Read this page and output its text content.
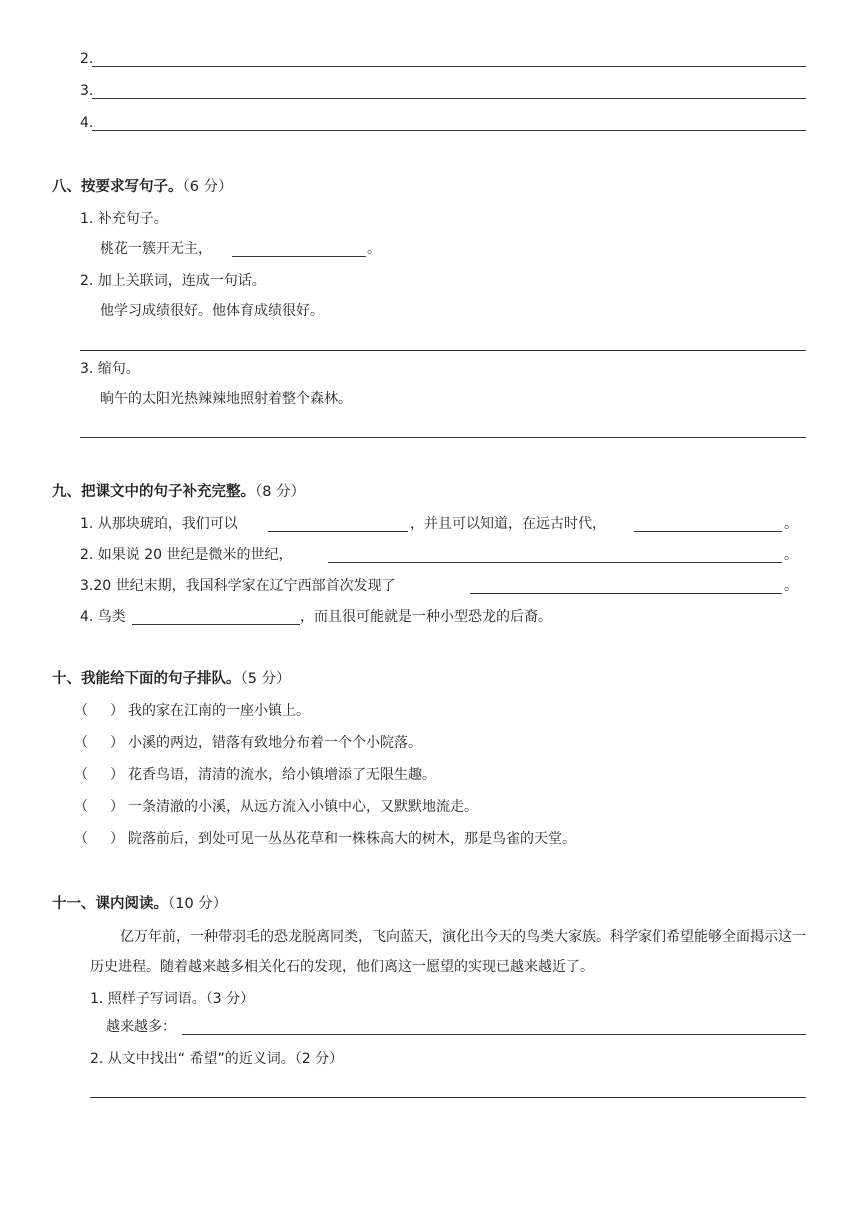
2.
3.
4.
八、按要求写句子。（6 分）
1. 补充句子。
桃花一簇开无主，	。
2. 加上关联词，连成一句话。
他学习成绩很好。他体育成绩很好。
3. 缩句。
晌午的太阳光热辣辣地照射着整个森林。
九、把课文中的句子补充完整。（8 分）
1. 从那块琥珀，我们可以	，并且可以知道，在远古时代，	。
2. 如果说 20 世纪是微米的世纪，	。
3.20 世纪末期，我国科学家在辽宁西部首次发现了	。
4. 鸟类	，而且很可能就是一种小型恐龙的后裔。
十、我能给下面的句子排队。（5 分）
（ ） 我的家在江南的一座小镇上。
（ ） 小溪的两边，错落有致地分布着一个个小院落。
（ ） 花香鸟语，清清的流水，给小镇增添了无限生趣。
（ ） 一条清澈的小溪，从远方流入小镇中心，又默默地流走。
（ ） 院落前后，到处可见一丛丛花草和一株株高大的树木，那是鸟雀的天堂。
十一、课内阅读。（10 分）
亿万年前，一种带羽毛的恐龙脱离同类，飞向蓝天，演化出今天的鸟类大家族。科学家们希望能够全面揭示这一历史进程。随着越来越多相关化石的发现，他们离这一愿望的实现已越来越近了。
1. 照样子写词语。（3 分）
越来越多：
2. 从文中找出“ 希望”的近义词。（2 分）
